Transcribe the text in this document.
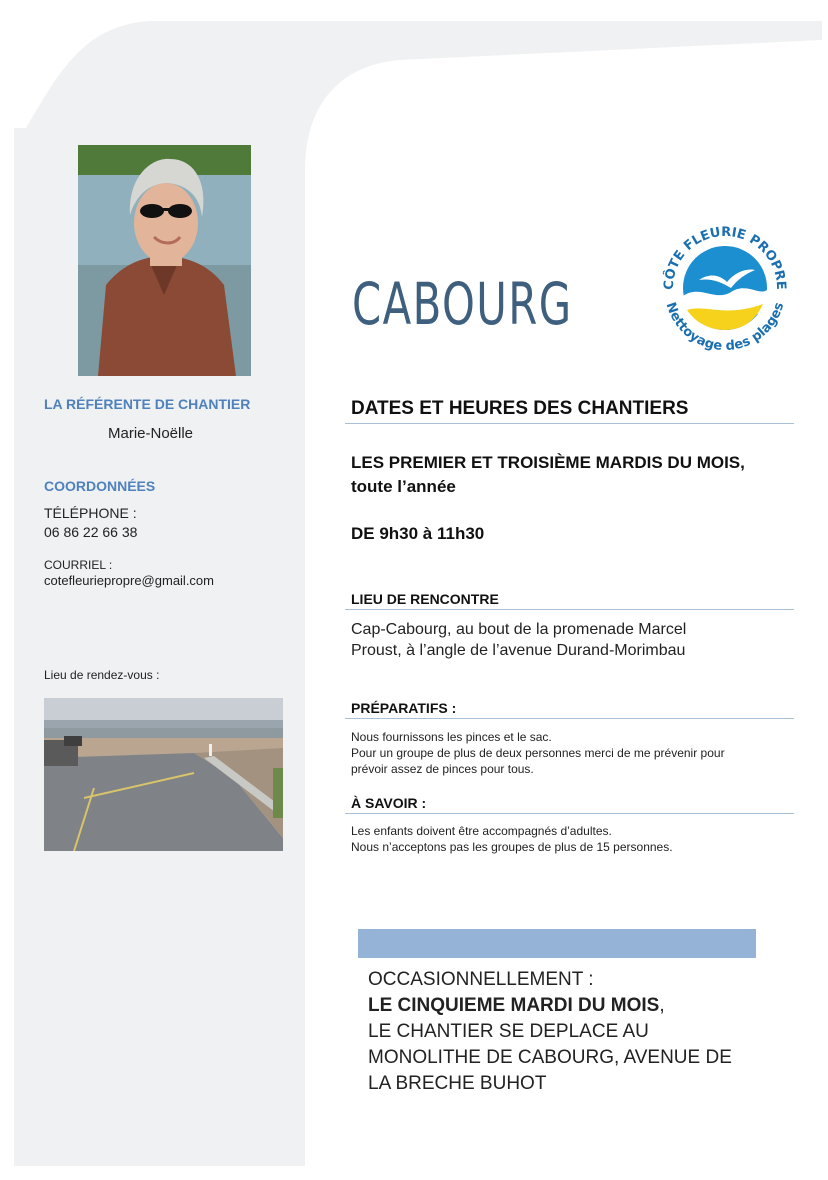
LA RÉFÉRENTE DE CHANTIER
Marie-Noëlle
COORDONNÉES
TÉLÉPHONE :
06 86 22 66 38
COURRIEL :
cotefleuriepropre@gmail.com
Lieu de rendez-vous :
CABOURG	CÔTE FLEURIE PROPRE
Nettoyage des plages
DATES ET HEURES DES CHANTIERS
LES PREMIER ET TROISIÈME MARDIS DU MOIS,
toute l’année
DE 9h30 à 11h30
LIEU DE RENCONTRE
Cap-Cabourg, au bout de la promenade Marcel
Proust, à l’angle de l’avenue Durand-Morimbau
PRÉPARATIFS :
Nous fournissons les pinces et le sac.
Pour un groupe de plus de deux personnes merci de me prévenir pour
prévoir assez de pinces pour tous.
À SAVOIR :
Les enfants doivent être accompagnés d’adultes.
Nous n’acceptons pas les groupes de plus de 15 personnes.
OCCASIONNELLEMENT :
LE CINQUIEME MARDI DU MOIS,
LE CHANTIER SE DEPLACE AU
MONOLITHE DE CABOURG, AVENUE DE
LA BRECHE BUHOT
